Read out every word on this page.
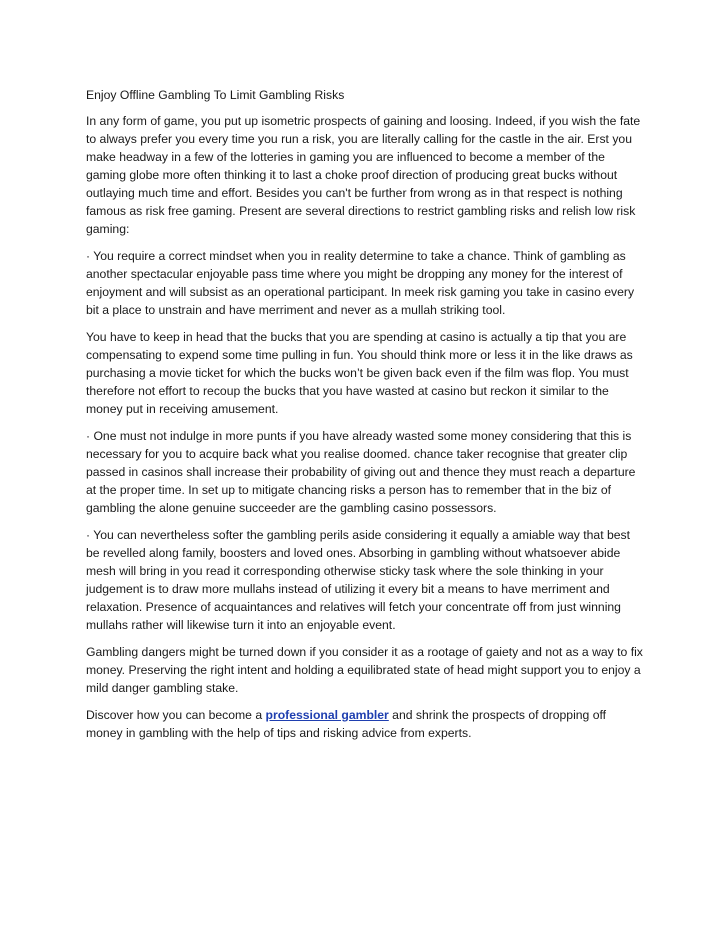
Enjoy Offline Gambling To Limit Gambling Risks

In any form of game, you put up isometric prospects of gaining and loosing. Indeed, if you wish the fate to always prefer you every time you run a risk, you are literally calling for the castle in the air. Erst you make headway in a few of the lotteries in gaming you are influenced to become a member of the gaming globe more often thinking it to last a choke proof direction of producing great bucks without outlaying much time and effort. Besides you can't be further from wrong as in that respect is nothing famous as risk free gaming. Present are several directions to restrict gambling risks and relish low risk gaming:

· You require a correct mindset when you in reality determine to take a chance. Think of gambling as another spectacular enjoyable pass time where you might be dropping any money for the interest of enjoyment and will subsist as an operational participant. In meek risk gaming you take in casino every bit a place to unstrain and have merriment and never as a mullah striking tool.

You have to keep in head that the bucks that you are spending at casino is actually a tip that you are compensating to expend some time pulling in fun. You should think more or less it in the like draws as purchasing a movie ticket for which the bucks won’t be given back even if the film was flop. You must therefore not effort to recoup the bucks that you have wasted at casino but reckon it similar to the money put in receiving amusement.

· One must not indulge in more punts if you have already wasted some money considering that this is necessary for you to acquire back what you realise doomed. chance taker recognise that greater clip passed in casinos shall increase their probability of giving out and thence they must reach a departure at the proper time. In set up to mitigate chancing risks a person has to remember that in the biz of gambling the alone genuine succeeder are the gambling casino possessors.

· You can nevertheless softer the gambling perils aside considering it equally a amiable way that best be revelled along family, boosters and loved ones. Absorbing in gambling without whatsoever abide mesh will bring in you read it corresponding otherwise sticky task where the sole thinking in your judgement is to draw more mullahs instead of utilizing it every bit a means to have merriment and relaxation. Presence of acquaintances and relatives will fetch your concentrate off from just winning mullahs rather will likewise turn it into an enjoyable event.

Gambling dangers might be turned down if you consider it as a rootage of gaiety and not as a way to fix money. Preserving the right intent and holding a equilibrated state of head might support you to enjoy a mild danger gambling stake.

Discover how you can become a professional gambler and shrink the prospects of dropping off money in gambling with the help of tips and risking advice from experts.
